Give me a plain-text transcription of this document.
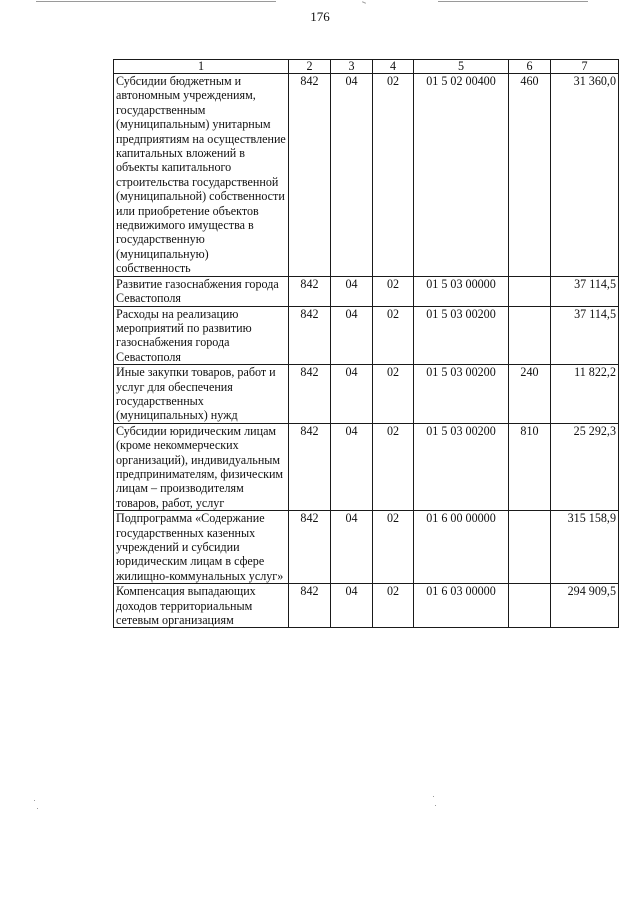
176
1	2	3	4	5	6	7
Субсидии бюджетным и автономным учреждениям, государственным (муниципальным) унитарным предприятиям на осуществление капитальных вложений в объекты капитального строительства государственной (муниципальной) собственности или приобретение объектов недвижимого имущества в государственную (муниципальную) собственность	842	04	02	01 5 02 00400	460	31 360,0
Развитие газоснабжения города Севастополя	842	04	02	01 5 03 00000		37 114,5
Расходы на реализацию мероприятий по развитию газоснабжения города Севастополя	842	04	02	01 5 03 00200		37 114,5
Иные закупки товаров, работ и услуг для обеспечения государственных (муниципальных) нужд	842	04	02	01 5 03 00200	240	11 822,2
Субсидии юридическим лицам (кроме некоммерческих организаций), индивидуальным предпринимателям, физическим лицам – производителям товаров, работ, услуг	842	04	02	01 5 03 00200	810	25 292,3
Подпрограмма «Содержание государственных казенных учреждений и субсидии юридическим лицам в сфере жилищно-коммунальных услуг»	842	04	02	01 6 00 00000		315 158,9
Компенсация выпадающих доходов территориальным сетевым организациям	842	04	02	01 6 03 00000		294 909,5
